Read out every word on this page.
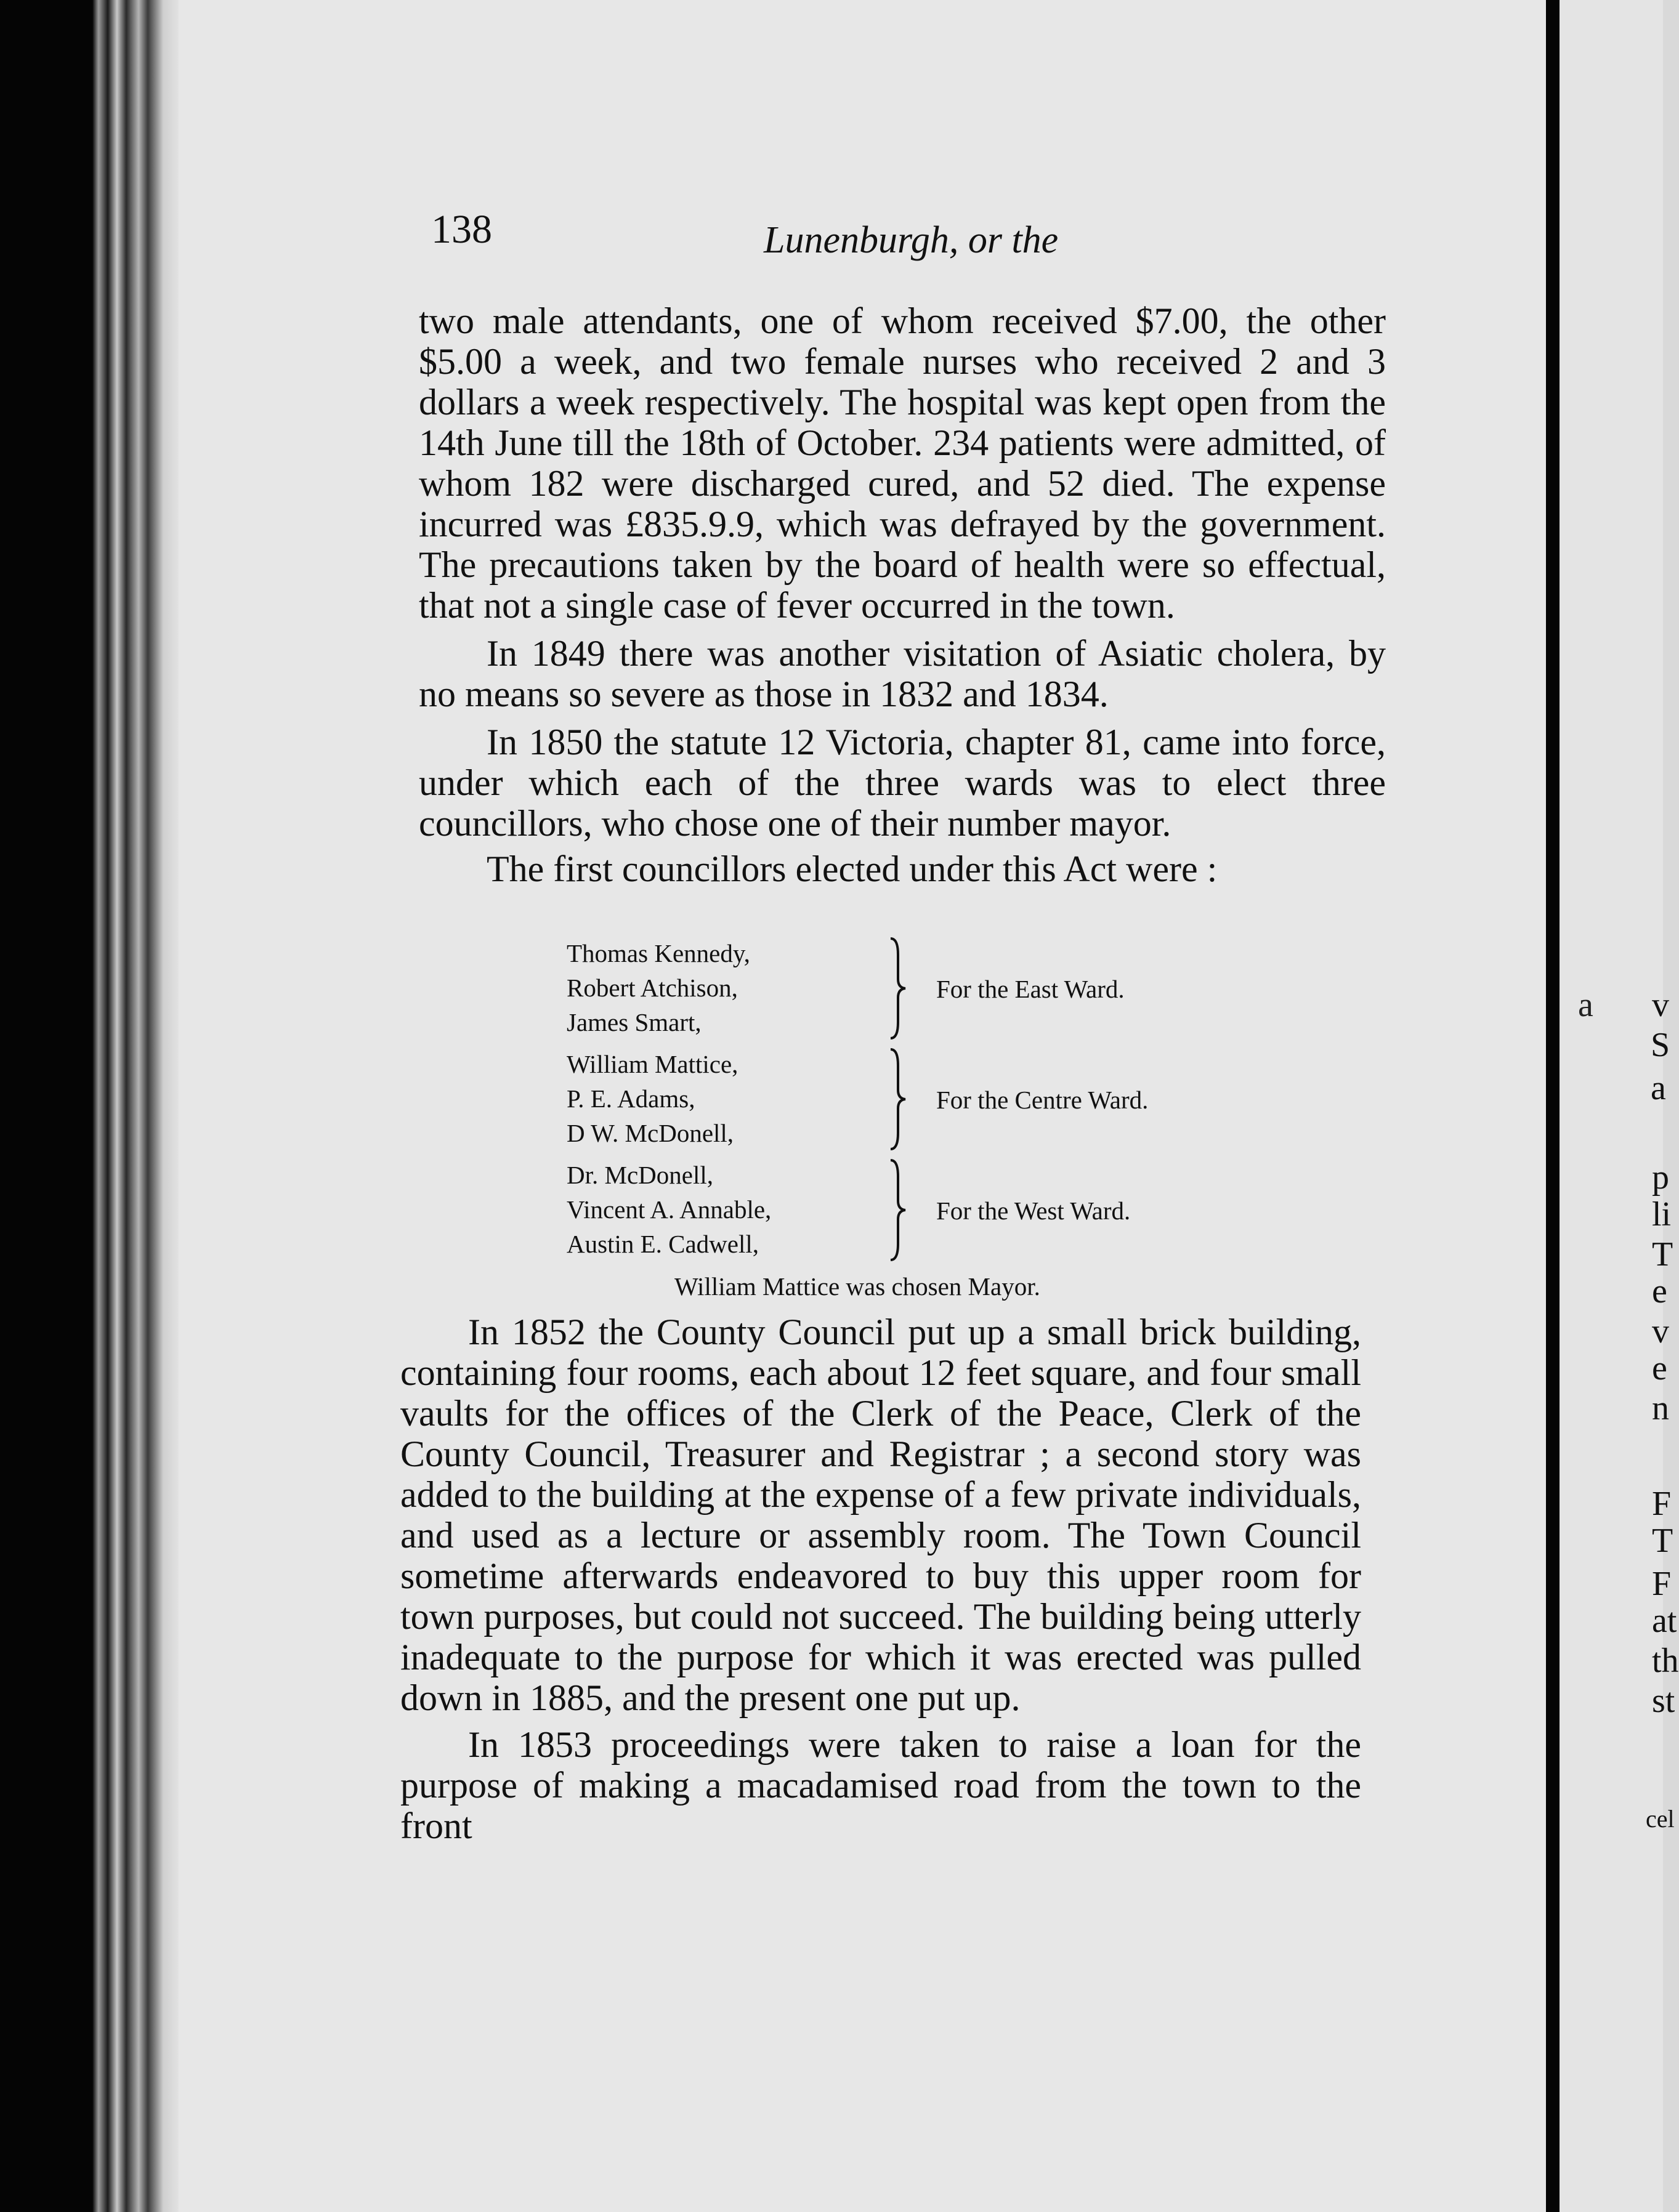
138	Lunenburgh, or the

two male attendants, one of whom received $7.00, the other $5.00 a week, and two female nurses who received 2 and 3 dollars a week respectively. The hospital was kept open from the 14th June till the 18th of October. 234 patients were admitted, of whom 182 were discharged cured, and 52 died. The expense incurred was £835.9.9, which was defrayed by the government. The precautions taken by the board of health were so effectual, that not a single case of fever occurred in the town.

In 1849 there was another visitation of Asiatic cholera, by no means so severe as those in 1832 and 1834.

In 1850 the statute 12 Victoria, chapter 81, came into force, under which each of the three wards was to elect three councillors, who chose one of their number mayor.

The first councillors elected under this Act were :

Thomas Kennedy,
Robert Atchison,
James Smart,
For the East Ward.
William Mattice,
P. E. Adams,
D W. McDonell,
For the Centre Ward.
Dr. McDonell,
Vincent A. Annable,
Austin E. Cadwell,
For the West Ward.
William Mattice was chosen Mayor.

In 1852 the County Council put up a small brick building, containing four rooms, each about 12 feet square, and four small vaults for the offices of the Clerk of the Peace, Clerk of the County Council, Treasurer and Registrar ; a second story was added to the building at the expense of a few private individuals, and used as a lecture or assembly room. The Town Council sometime afterwards endeavored to buy this upper room for town purposes, but could not succeed. The building being utterly inadequate to the purpose for which it was erected was pulled down in 1885, and the present one put up.

In 1853 proceedings were taken to raise a loan for the purpose of making a macadamised road from the town to the front

a v
S
a
p
li
T
e
v
e
n
F
T
F
at
th
st
cel
